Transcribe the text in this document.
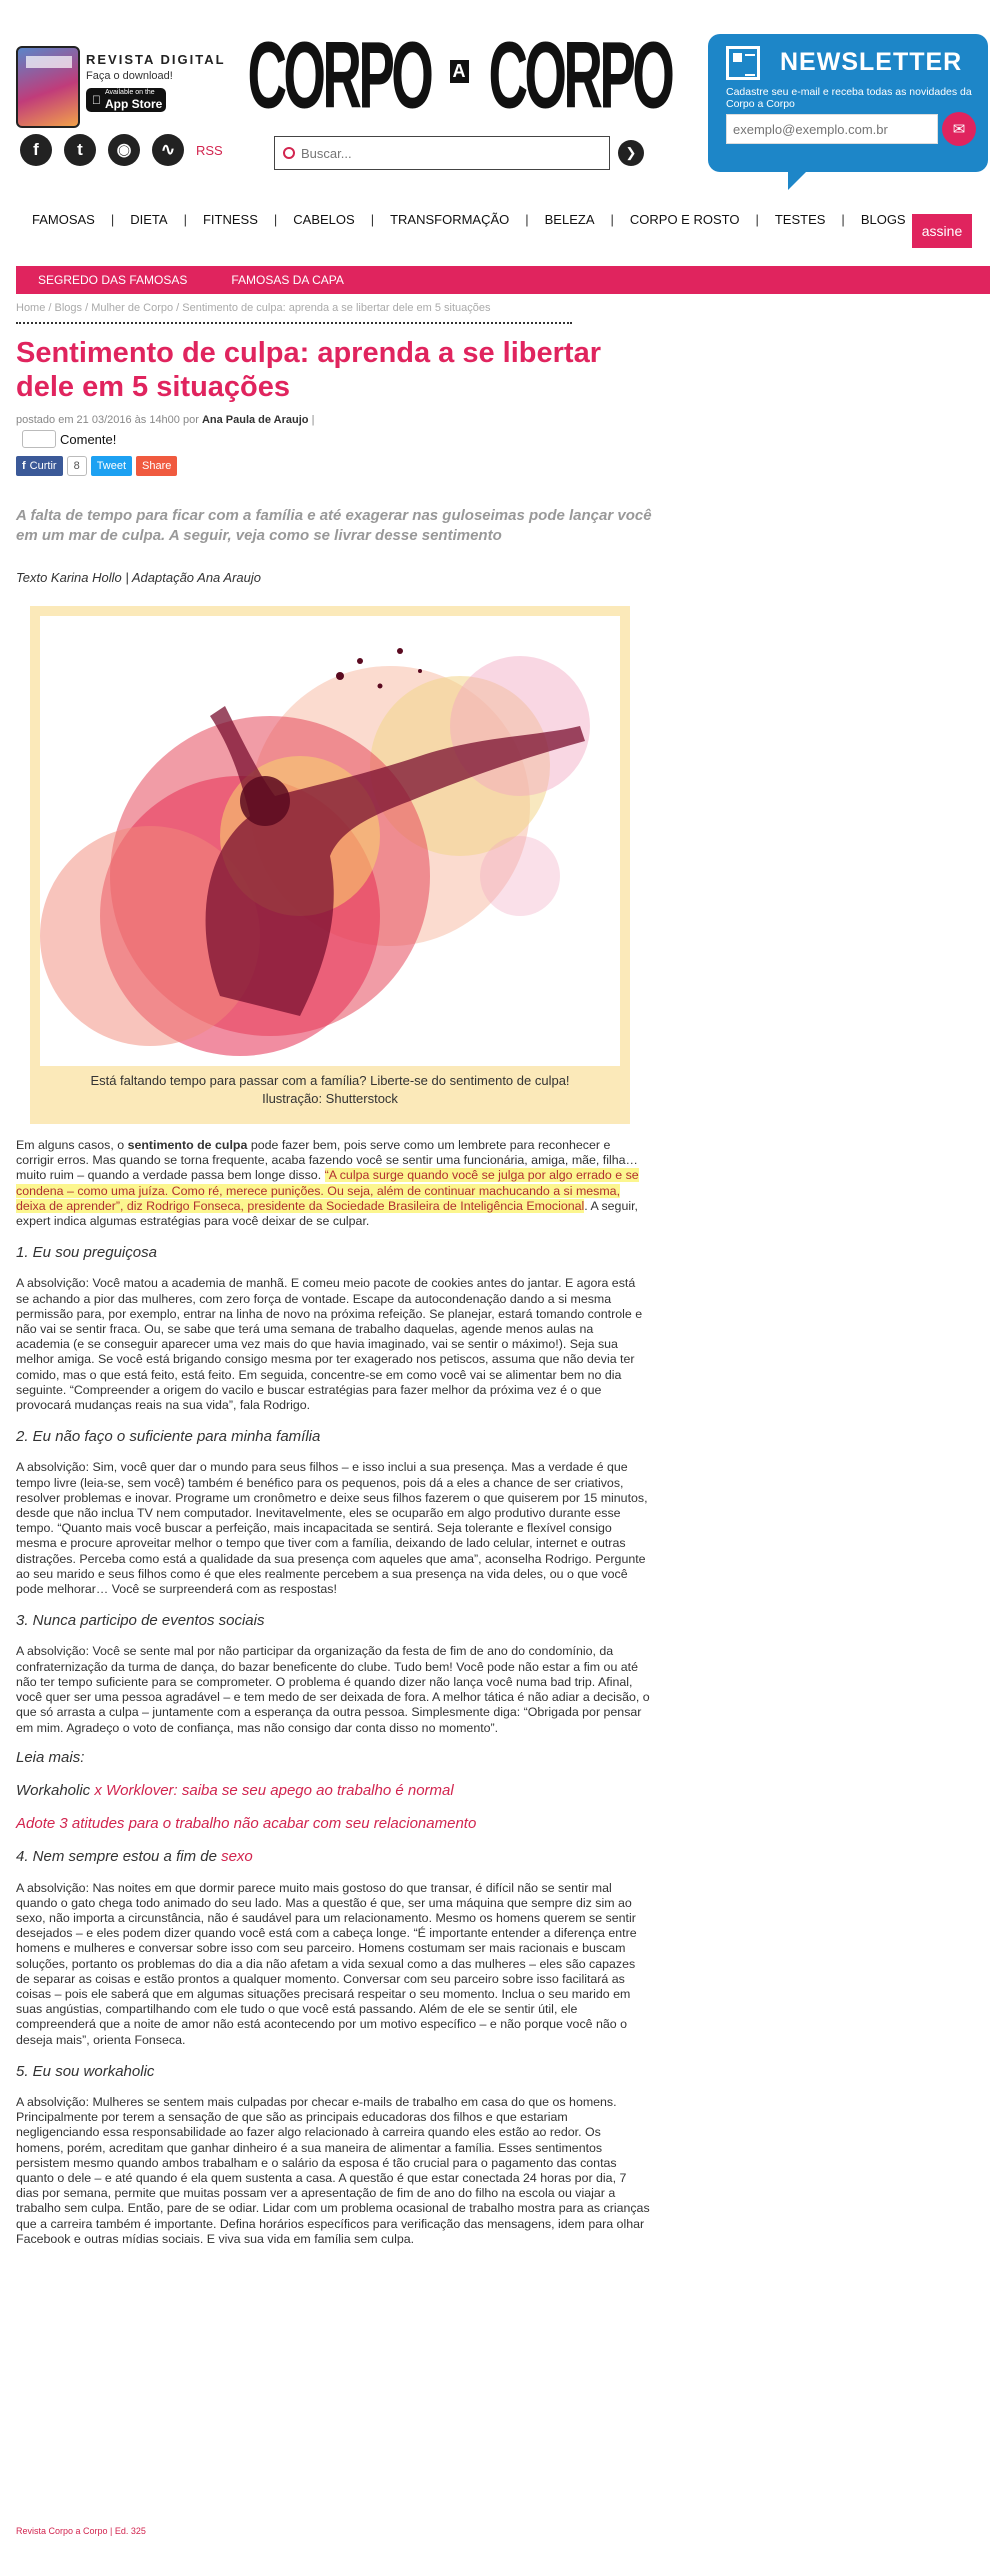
REVISTA DIGITAL
Faça o download!
Available on the
App Store
f	t	◉	∿	RSS
CORPO A CORPO
Buscar...
❯
NEWSLETTER
Cadastre seu e-mail e receba todas as novidades da Corpo a Corpo
exemplo@exemplo.com.br
✉
FAMOSAS	|	DIETA	|	FITNESS	|	CABELOS	|	TRANSFORMAÇÃO	|	BELEZA	|	CORPO E ROSTO	|	TESTES	|	BLOGS
assine
SEGREDO DAS FAMOSAS	FAMOSAS DA CAPA
Home / Blogs / Mulher de Corpo / Sentimento de culpa: aprenda a se libertar dele em 5 situações
Sentimento de culpa: aprenda a se libertar dele em 5 situações
postado em 21 03/2016 às 14h00 por Ana Paula de Araujo |
Comente!
f Curtir	8	Tweet Share
A falta de tempo para ficar com a família e até exagerar nas guloseimas pode lançar você em um mar de culpa. A seguir, veja como se livrar desse sentimento
Texto Karina Hollo | Adaptação Ana Araujo
Está faltando tempo para passar com a família? Liberte-se do sentimento de culpa!
Ilustração: Shutterstock

Em alguns casos, o sentimento de culpa pode fazer bem, pois serve como um lembrete para reconhecer e corrigir erros. Mas quando se torna frequente, acaba fazendo você se sentir uma funcionária, amiga, mãe, filha… muito ruim – quando a verdade passa bem longe disso. “A culpa surge quando você se julga por algo errado e se condena – como uma juíza. Como ré, merece punições. Ou seja, além de continuar machucando a si mesma, deixa de aprender”, diz Rodrigo Fonseca, presidente da Sociedade Brasileira de Inteligência Emocional. A seguir, expert indica algumas estratégias para você deixar de se culpar.

1. Eu sou preguiçosa

A absolvição: Você matou a academia de manhã. E comeu meio pacote de cookies antes do jantar. E agora está se achando a pior das mulheres, com zero força de vontade. Escape da autocondenação dando a si mesma permissão para, por exemplo, entrar na linha de novo na próxima refeição. Se planejar, estará tomando controle e não vai se sentir fraca. Ou, se sabe que terá uma semana de trabalho daquelas, agende menos aulas na academia (e se conseguir aparecer uma vez mais do que havia imaginado, vai se sentir o máximo!). Seja sua melhor amiga. Se você está brigando consigo mesma por ter exagerado nos petiscos, assuma que não devia ter comido, mas o que está feito, está feito. Em seguida, concentre-se em como você vai se alimentar bem no dia seguinte. “Compreender a origem do vacilo e buscar estratégias para fazer melhor da próxima vez é o que provocará mudanças reais na sua vida”, fala Rodrigo.

2. Eu não faço o suficiente para minha família

A absolvição: Sim, você quer dar o mundo para seus filhos – e isso inclui a sua presença. Mas a verdade é que tempo livre (leia-se, sem você) também é benéfico para os pequenos, pois dá a eles a chance de ser criativos, resolver problemas e inovar. Programe um cronômetro e deixe seus filhos fazerem o que quiserem por 15 minutos, desde que não inclua TV nem computador. Inevitavelmente, eles se ocuparão em algo produtivo durante esse tempo. “Quanto mais você buscar a perfeição, mais incapacitada se sentirá. Seja tolerante e flexível consigo mesma e procure aproveitar melhor o tempo que tiver com a família, deixando de lado celular, internet e outras distrações. Perceba como está a qualidade da sua presença com aqueles que ama”, aconselha Rodrigo. Pergunte ao seu marido e seus filhos como é que eles realmente percebem a sua presença na vida deles, ou o que você pode melhorar… Você se surpreenderá com as respostas!

3. Nunca participo de eventos sociais

A absolvição: Você se sente mal por não participar da organização da festa de fim de ano do condomínio, da confraternização da turma de dança, do bazar beneficente do clube. Tudo bem! Você pode não estar a fim ou até não ter tempo suficiente para se comprometer. O problema é quando dizer não lança você numa bad trip. Afinal, você quer ser uma pessoa agradável – e tem medo de ser deixada de fora. A melhor tática é não adiar a decisão, o que só arrasta a culpa – juntamente com a esperança da outra pessoa. Simplesmente diga: “Obrigada por pensar em mim. Agradeço o voto de confiança, mas não consigo dar conta disso no momento”.

Leia mais:
Workaholic x Worklover: saiba se seu apego ao trabalho é normal
Adote 3 atitudes para o trabalho não acabar com seu relacionamento
4. Nem sempre estou a fim de sexo

A absolvição: Nas noites em que dormir parece muito mais gostoso do que transar, é difícil não se sentir mal quando o gato chega todo animado do seu lado. Mas a questão é que, ser uma máquina que sempre diz sim ao sexo, não importa a circunstância, não é saudável para um relacionamento. Mesmo os homens querem se sentir desejados – e eles podem dizer quando você está com a cabeça longe. “É importante entender a diferença entre homens e mulheres e conversar sobre isso com seu parceiro. Homens costumam ser mais racionais e buscam soluções, portanto os problemas do dia a dia não afetam a vida sexual como a das mulheres – eles são capazes de separar as coisas e estão prontos a qualquer momento. Conversar com seu parceiro sobre isso facilitará as coisas – pois ele saberá que em algumas situações precisará respeitar o seu momento. Inclua o seu marido em suas angústias, compartilhando com ele tudo o que você está passando. Além de ele se sentir útil, ele compreenderá que a noite de amor não está acontecendo por um motivo específico – e não porque você não o deseja mais”, orienta Fonseca.

5. Eu sou workaholic

A absolvição: Mulheres se sentem mais culpadas por checar e-mails de trabalho em casa do que os homens. Principalmente por terem a sensação de que são as principais educadoras dos filhos e que estariam negligenciando essa responsabilidade ao fazer algo relacionado à carreira quando eles estão ao redor. Os homens, porém, acreditam que ganhar dinheiro é a sua maneira de alimentar a família. Esses sentimentos persistem mesmo quando ambos trabalham e o salário da esposa é tão crucial para o pagamento das contas quanto o dele – e até quando é ela quem sustenta a casa. A questão é que estar conectada 24 horas por dia, 7 dias por semana, permite que muitas possam ver a apresentação de fim de ano do filho na escola ou viajar a trabalho sem culpa. Então, pare de se odiar. Lidar com um problema ocasional de trabalho mostra para as crianças que a carreira também é importante. Defina horários específicos para verificação das mensagens, idem para olhar Facebook e outras mídias sociais. E viva sua vida em família sem culpa.

Revista Corpo a Corpo | Ed. 325
